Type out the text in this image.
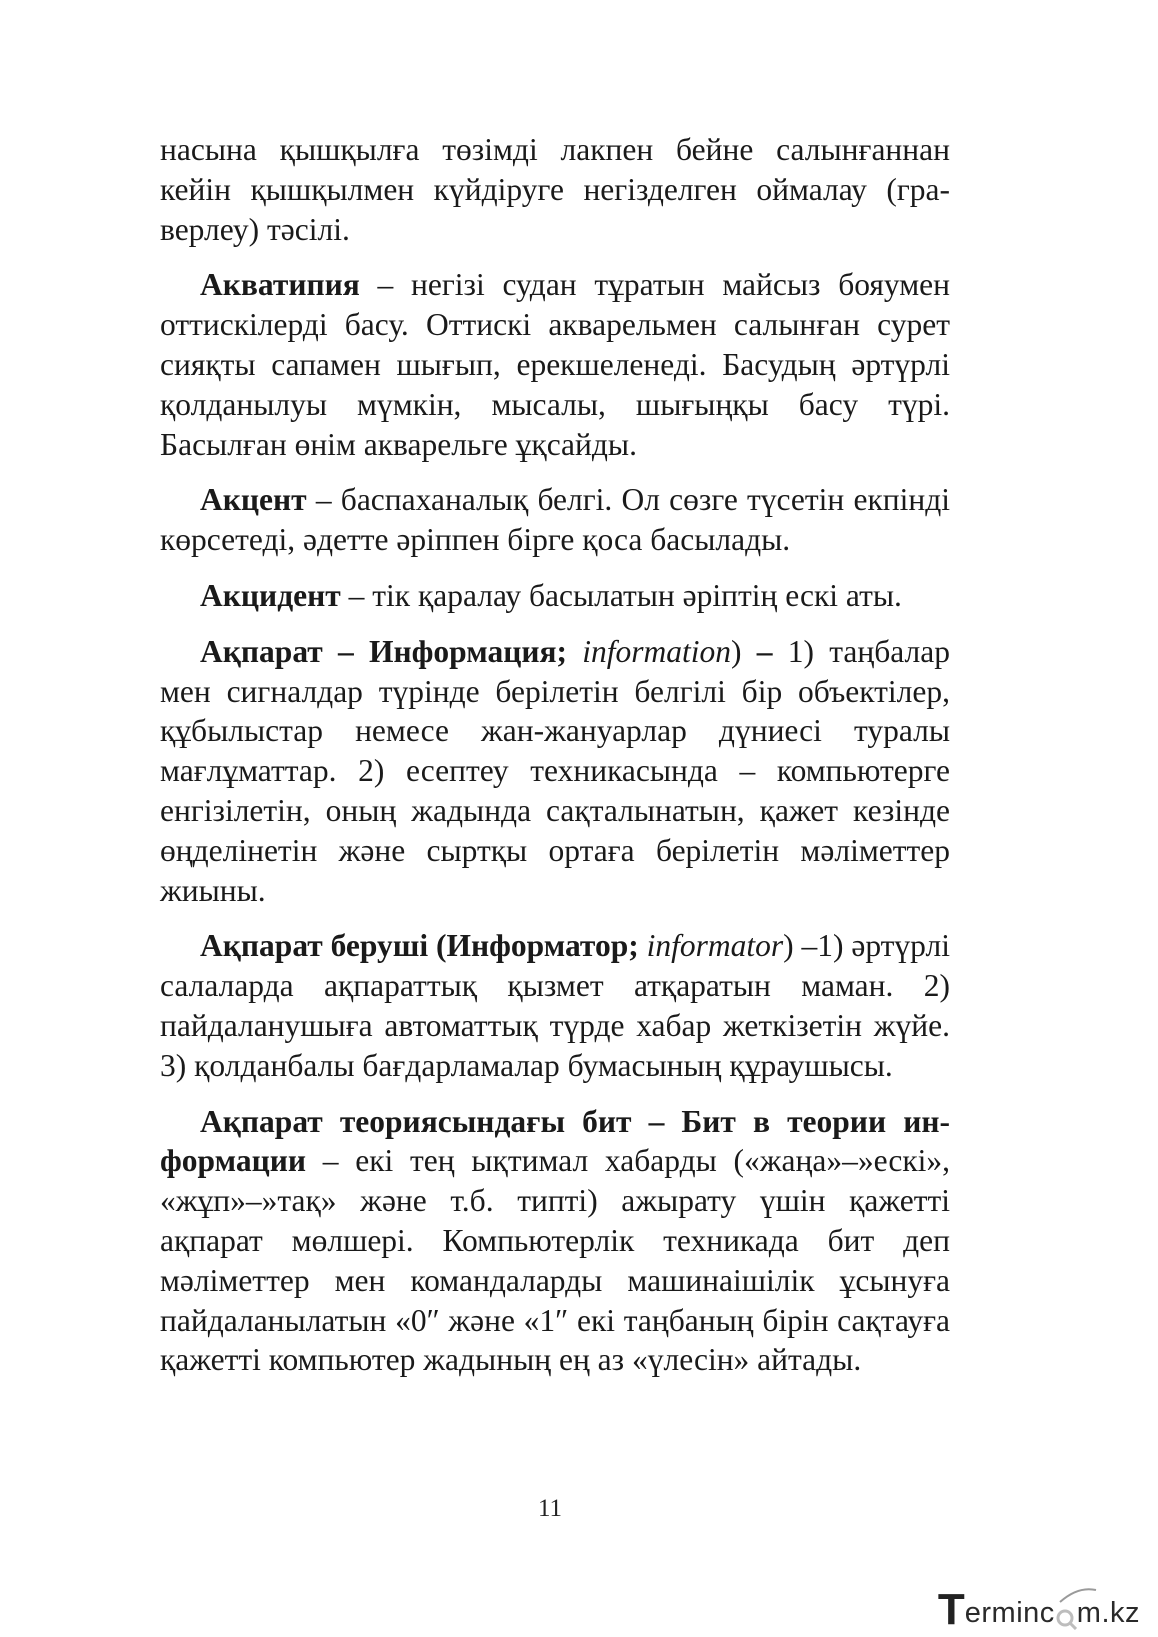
насына қышқылға төзімді лакпен бейне салынғаннан кейін қышқылмен күйдіруге негізделген оймалау (граверлеу) тәсілі.

Акватипия – негізі судан тұратын майсыз бояумен оттискілерді басу. Оттискі акварельмен салынған сурет сияқты сапамен шығып, ерекшеленеді. Басудың әртүрлі қолданылуы мүмкін, мысалы, шығыңқы басу түрі. Басылған өнім акварельге ұқсайды.

Акцент – баспаханалық белгі. Ол сөзге түсетін екпінді көрсетеді, әдетте әріппен бірге қоса басылады.

Акцидент – тік қаралау басылатын әріптің ескі аты.

Ақпарат – Информация; information) – 1) таңбалар мен сигналдар түрінде берілетін белгілі бір объектілер, құбылыстар немесе жан-жануарлар дүниесі туралы мағлұматтар. 2) есептеу техникасында – компьютерге енгізілетін, оның жадында сақталынатын, қажет кезінде өңделінетін және сыртқы ортаға берілетін мәліметтер жиыны.

Ақпарат беруші (Информатор; informator) –1) әртүрлі салаларда ақпараттық қызмет атқаратын маман. 2) пайдаланушыға автоматтық түрде хабар жеткізетін жүйе. 3) қолданбалы бағдарламалар бумасының құраушысы.

Ақпарат теориясындағы бит – Бит в теории информации – екі тең ықтимал хабарды («жаңа»–»ескі», «жұп»–»тақ» және т.б. типті) ажырату үшін қажетті ақпарат мөлшері. Компьютерлік техникада бит деп мәліметтер мен командаларды машинаішілік ұсынуға пайдаланылатын «0″ және «1″ екі таңбаның бірін сақтауға қажетті компьютер жадының ең аз «үлесін» айтады.

11
T erminc m.kz
